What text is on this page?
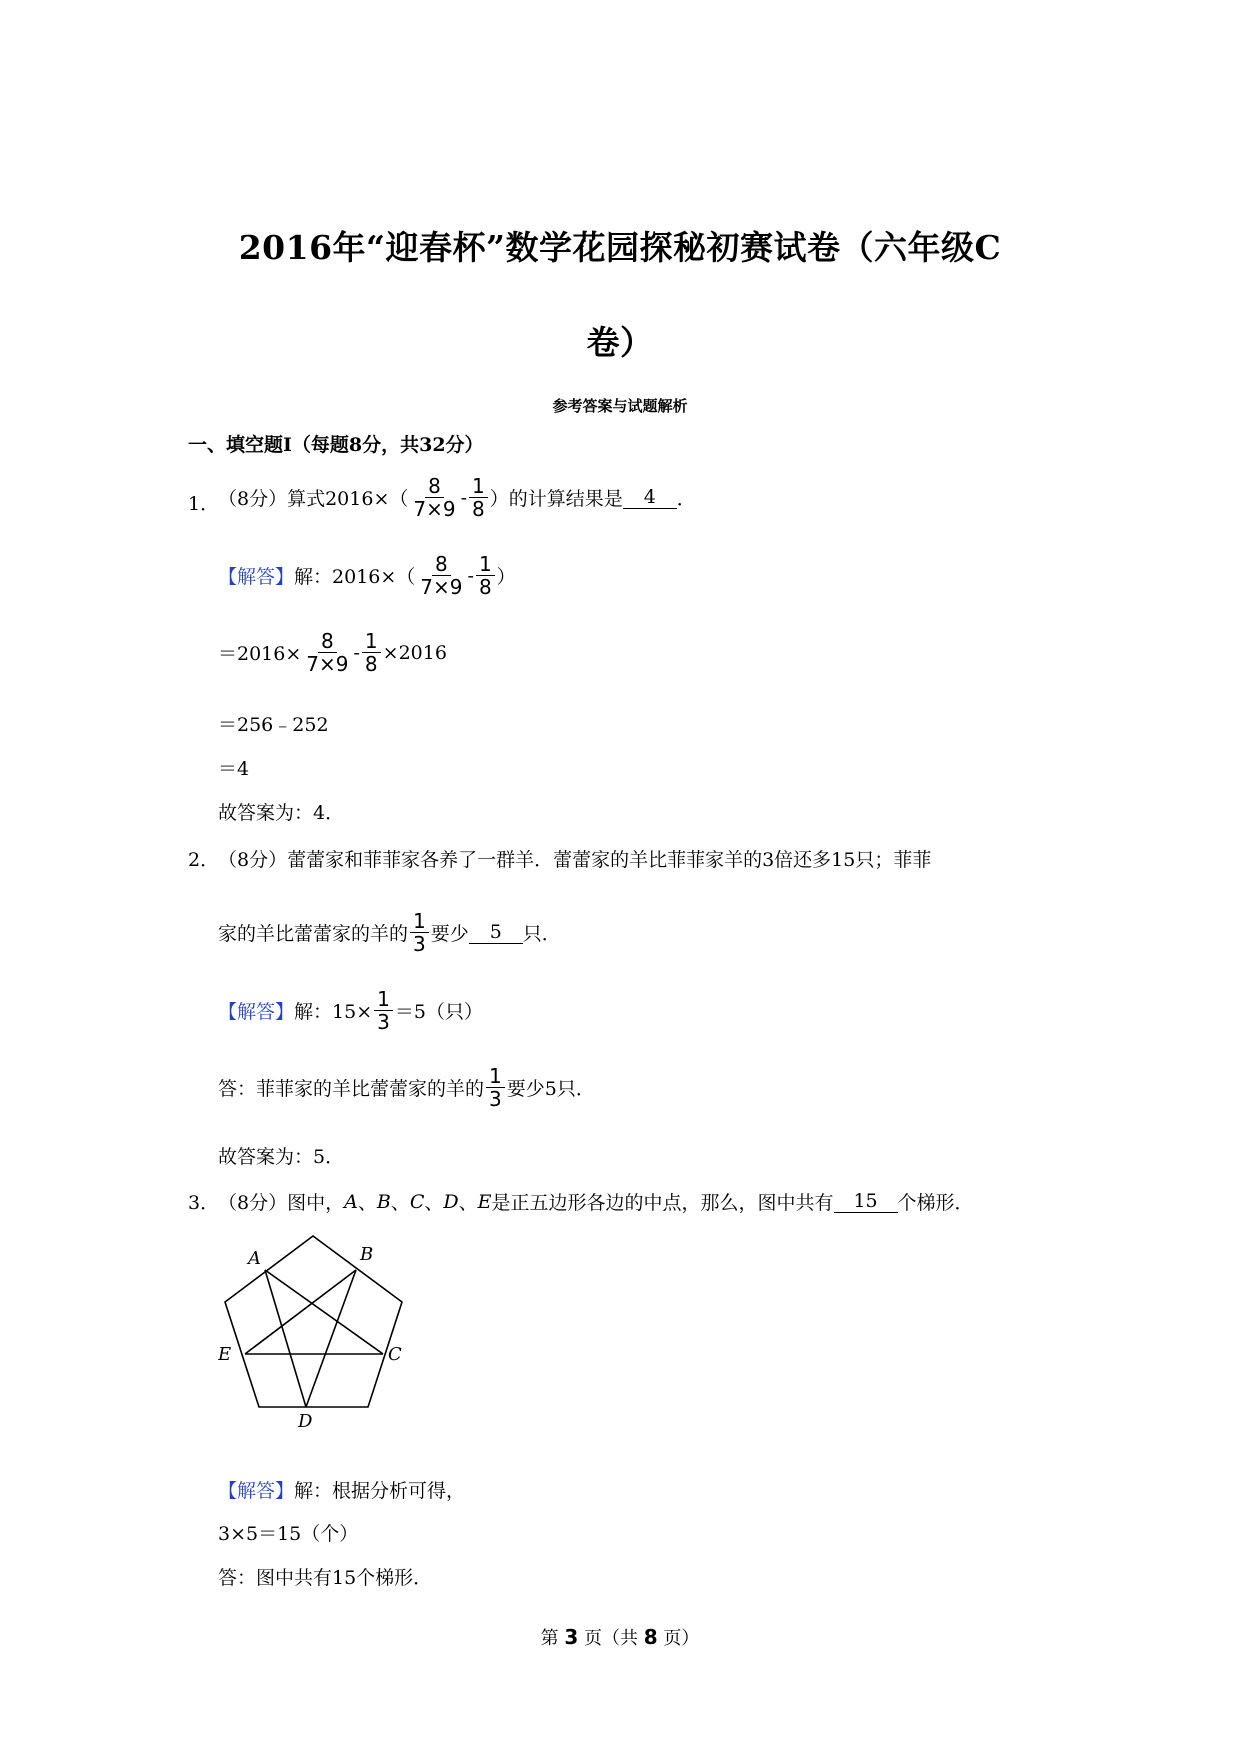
2016年“迎春杯”数学花园探秘初赛试卷（六年级C
卷）
参考答案与试题解析
一、填空题Ⅰ（每题8分，共32分）
1．
（8分）算式$2016\times( \frac{8}{7\times 9} - \frac{1}{8}$ ）的计算结果是	4	．
【解答】 解：$2016\times( \frac{8}{7\times 9} - \frac{1}{8}$ ）
$=2016\times \frac{8}{7\times 9} - \frac{1}{8} \times 2016$
＝256﹣252
＝4
故答案为：4．
2．
（8分）蕾蕾家和菲菲家各养了一群羊．蕾蕾家的羊比菲菲家羊的3倍还多15只；菲菲
家的羊比蕾蕾家的羊的 $\frac{1}{3}$ 要少	5	只．
【解答】 解：$15\times \frac{1}{3} =5$（只）
答：菲菲家的羊比蕾蕾家的羊的 $\frac{1}{3}$ 要少5只．
故答案为：5．
3．
（8分）图中， A 、 B 、 C 、 D 、 E 是正五边形各边的中点，那么，图中共有	15	个梯形．
A	B
C
D
E
【解答】 解：根据分析可得，
3×5＝15（个）
答：图中共有15个梯形．
第 3 页（共 8 页）
